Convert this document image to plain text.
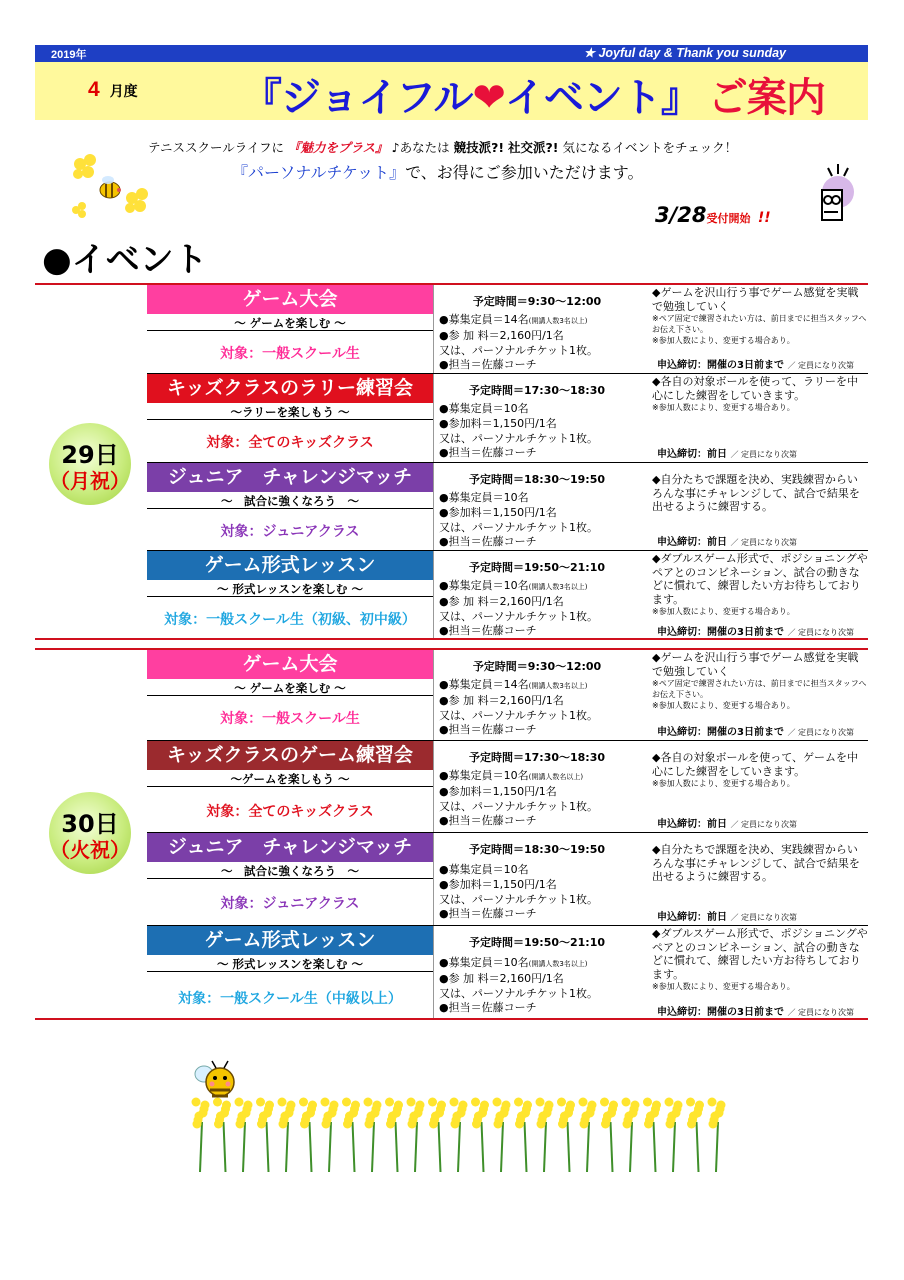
2019年	★ Joyful day & Thank you sunday
4 月度	『ジョイフル❤イベント』 ご案内
テニススクールライフに 『魅力をプラス』 ♪あなたは 競技派?! 社交派?! 気になるイベントをチェック！
『パーソナルチケット』で、お得にご参加いただけます。
3/28受付開始 !!
●イベント
29日
（月祝）
ゲーム大会
～ ゲームを楽しむ ～
対象：一般スクール生
予定時間＝9:30～12:00
●募集定員＝14名(開講人数3名以上)
●参 加 料＝2,160円/1名
又は、パーソナルチケット1枚。
●担当＝佐藤コーチ
◆ゲームを沢山行う事でゲーム感覚を実戦で勉強していく
※ペア固定で練習されたい方は、前日までに担当スタッフへお伝え下さい。
※参加人数により、変更する場合あり。
申込締切：開催の3日前まで ／ 定員になり次第
キッズクラスのラリー練習会
～ラリーを楽しもう ～
対象：全てのキッズクラス
予定時間＝17:30～18:30
●募集定員＝10名
●参加料＝1,150円/1名
又は、パーソナルチケット1枚。
●担当＝佐藤コーチ
◆各自の対象ボールを使って、ラリーを中心にした練習をしていきます。
※参加人数により、変更する場合あり。
申込締切：前日 ／ 定員になり次第
ジュニア　チャレンジマッチ
～　試合に強くなろう　～
対象：ジュニアクラス
予定時間＝18:30～19:50
●募集定員＝10名
●参加料＝1,150円/1名
又は、パーソナルチケット1枚。
●担当＝佐藤コーチ
◆自分たちで課題を決め、実践練習からいろんな事にチャレンジして、試合で結果を出せるように練習する。
申込締切：前日 ／ 定員になり次第
ゲーム形式レッスン
～ 形式レッスンを楽しむ ～
対象：一般スクール生（初級、初中級）
予定時間＝19:50～21:10
●募集定員＝10名(開講人数3名以上)
●参 加 料＝2,160円/1名
又は、パーソナルチケット1枚。
●担当＝佐藤コーチ
◆ダブルスゲーム形式で、ポジショニングやペアとのコンビネーション、試合の動きなどに慣れて、練習したい方お待ちしております。
※参加人数により、変更する場合あり。
申込締切：開催の3日前まで ／ 定員になり次第
30日
（火祝）
ゲーム大会
～ ゲームを楽しむ ～
対象：一般スクール生
予定時間＝9:30～12:00
●募集定員＝14名(開講人数3名以上)
●参 加 料＝2,160円/1名
又は、パーソナルチケット1枚。
●担当＝佐藤コーチ
◆ゲームを沢山行う事でゲーム感覚を実戦で勉強していく
※ペア固定で練習されたい方は、前日までに担当スタッフへお伝え下さい。
※参加人数により、変更する場合あり。
申込締切：開催の3日前まで ／ 定員になり次第
キッズクラスのゲーム練習会
～ゲームを楽しもう ～
対象：全てのキッズクラス
予定時間＝17:30～18:30
●募集定員＝10名(開講人数名以上)
●参加料＝1,150円/1名
又は、パーソナルチケット1枚。
●担当＝佐藤コーチ
◆各自の対象ボールを使って、ゲームを中心にした練習をしていきます。
※参加人数により、変更する場合あり。
申込締切：前日 ／ 定員になり次第
ジュニア　チャレンジマッチ
～　試合に強くなろう　～
対象：ジュニアクラス
予定時間＝18:30～19:50
●募集定員＝10名
●参加料＝1,150円/1名
又は、パーソナルチケット1枚。
●担当＝佐藤コーチ
◆自分たちで課題を決め、実践練習からいろんな事にチャレンジして、試合で結果を出せるように練習する。
申込締切：前日 ／ 定員になり次第
ゲーム形式レッスン
～ 形式レッスンを楽しむ ～
対象：一般スクール生（中級以上）
予定時間＝19:50～21:10
●募集定員＝10名(開講人数3名以上)
●参 加 料＝2,160円/1名
又は、パーソナルチケット1枚。
●担当＝佐藤コーチ
◆ダブルスゲーム形式で、ポジショニングやペアとのコンビネーション、試合の動きなどに慣れて、練習したい方お待ちしております。
※参加人数により、変更する場合あり。
申込締切：開催の3日前まで ／ 定員になり次第
